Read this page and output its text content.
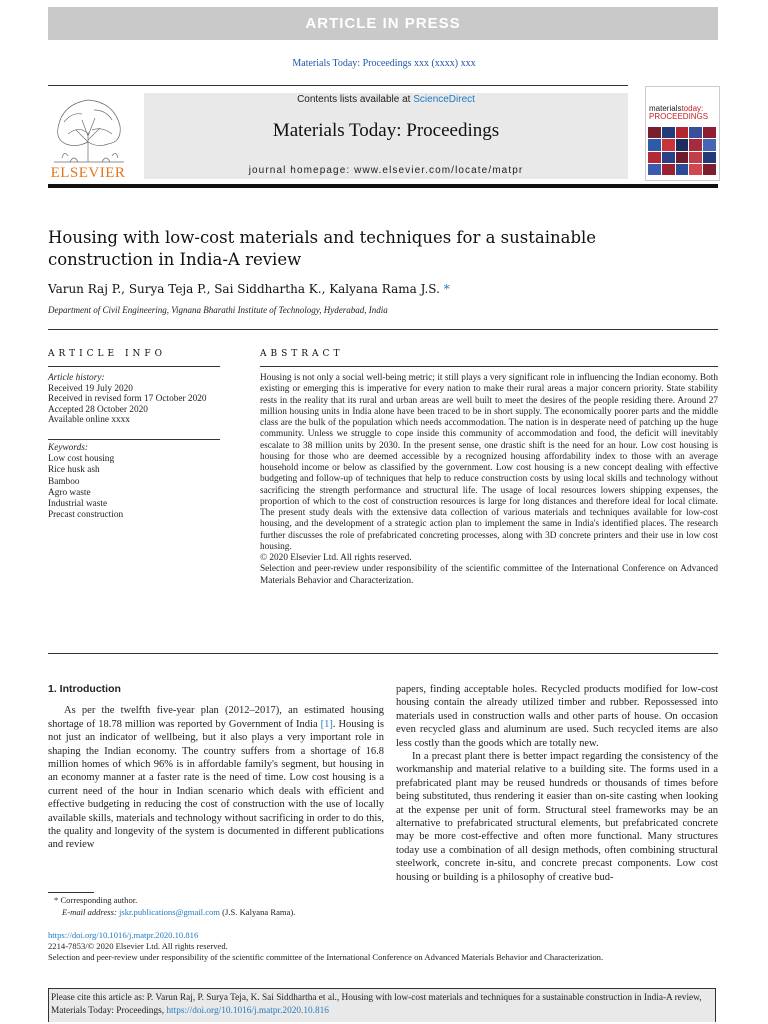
ARTICLE IN PRESS
Materials Today: Proceedings xxx (xxxx) xxx
ELSEVIER
Contents lists available at ScienceDirect
Materials Today: Proceedings
journal homepage: www.elsevier.com/locate/matpr
materialstoday:
PROCEEDINGS
Housing with low-cost materials and techniques for a sustainable construction in India-A review
Varun Raj P., Surya Teja P., Sai Siddhartha K., Kalyana Rama J.S. *
Department of Civil Engineering, Vignana Bharathi Institute of Technology, Hyderabad, India
ARTICLE INFO	ABSTRACT
Article history:
Received 19 July 2020
Received in revised form 17 October 2020
Accepted 28 October 2020
Available online xxxx
Keywords:
Low cost housing
Rice husk ash
Bamboo
Agro waste
Industrial waste
Precast construction
Housing is not only a social well-being metric; it still plays a very significant role in influencing the Indian economy. Both existing or emerging this is imperative for every nation to make their rural areas a major concern priority. State stability rests in the reality that its rural and urban areas are well built to meet the desires of the people residing there. Around 27 million housing units in India alone have been traced to be in short supply. The economically poorer parts and the middle class are the bulk of the population which needs accommodation. The nation is in desperate need of patching up the huge community. Unless we struggle to cope inside this community of accommodation and food, the deficit will inevitably escalate to 38 million units by 2030. In the present sense, one drastic shift is the need for an hour. Low cost housing is housing for those who are deemed accessible by a recognized housing affordability index to those with an average household income or below as classified by the government. Low cost housing is a new concept dealing with effective budgeting and follow-up of techniques that help to reduce construction costs by using local skills and technology without sacrificing the strength performance and structural life. The usage of local resources lowers shipping expenses, the proportion of which to the cost of construction resources is large for long distances and therefore ideal for local climate. The present study deals with the extensive data collection of various materials and techniques available for low-cost housing, and the development of a strategic action plan to implement the same in India's identified places. The research further discusses the role of prefabricated concreting processes, along with 3D concrete printers and their use in low cost housing.
© 2020 Elsevier Ltd. All rights reserved.
Selection and peer-review under responsibility of the scientific committee of the International Conference on Advanced Materials Behavior and Characterization.
1. Introduction

As per the twelfth five-year plan (2012–2017), an estimated housing shortage of 18.78 million was reported by Government of India [1]. Housing is not just an indicator of wellbeing, but it also plays a very important role in shaping the Indian economy. The country suffers from a shortage of 16.8 million homes of which 96% is in affordable family's segment, but housing in an economy manner at a faster rate is the need of time. Low cost housing is a current need of the hour in Indian scenario which deals with efficient and effective budgeting in reducing the cost of construction with the use of locally available skills, materials and technology without sacrificing in order to do this, the quality and longevity of the system is documented in different publications and review

papers, finding acceptable holes. Recycled products modified for low-cost housing contain the already utilized timber and rubber. Repossessed into materials used in construction walls and other parts of house. On occasion even recycled glass and aluminum are used. Such recycled items are also less costly than the goods which are totally new.

In a precast plant there is better impact regarding the consistency of the workmanship and material relative to a building site. The forms used in a prefabricated plant may be reused hundreds or thousands of times before being substituted, thus rendering it easier than on-site casting when looking at the expense per unit of form. Structural steel frameworks may be an alternative to prefabricated structural elements, but prefabricated concrete may be more cost-effective and often more functional. Many structures today use a combination of all design methods, often combining structural steelwork, concrete in-situ, and concrete precast components. Low cost housing or building is a philosophy of creative bud-

* Corresponding author.
E-mail address: jskr.publications@gmail.com (J.S. Kalyana Rama).
https://doi.org/10.1016/j.matpr.2020.10.816
2214-7853/© 2020 Elsevier Ltd. All rights reserved.
Selection and peer-review under responsibility of the scientific committee of the International Conference on Advanced Materials Behavior and Characterization.
Please cite this article as: P. Varun Raj, P. Surya Teja, K. Sai Siddhartha et al., Housing with low-cost materials and techniques for a sustainable construction in India-A review, Materials Today: Proceedings, https://doi.org/10.1016/j.matpr.2020.10.816
